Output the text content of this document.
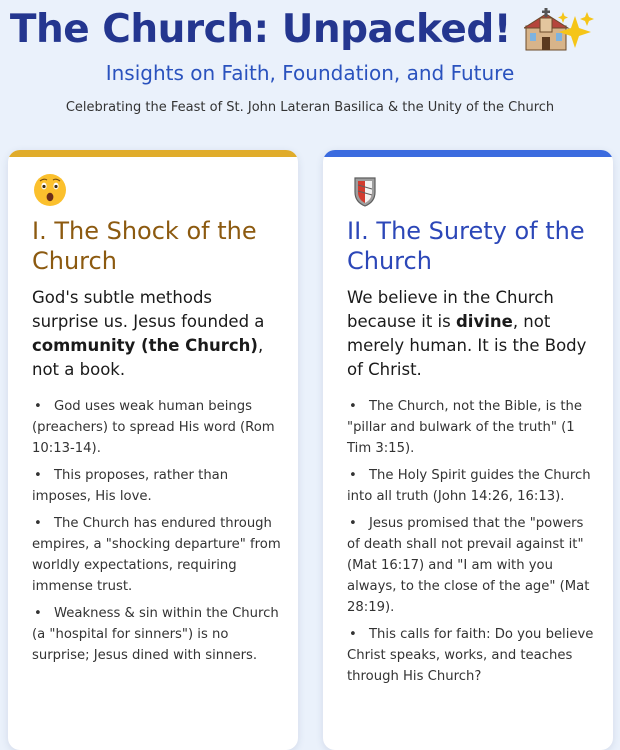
The Church: Unpacked!
Insights on Faith, Foundation, and Future
Celebrating the Feast of St. John Lateran Basilica & the Unity of the Church
I. The Shock of the Church
God's subtle methods surprise us. Jesus founded a community (the Church), not a book.
• God uses weak human beings (preachers) to spread His word (Rom 10:13-14).
• This proposes, rather than imposes, His love.
• The Church has endured through empires, a "shocking departure" from worldly expectations, requiring immense trust.
• Weakness & sin within the Church (a "hospital for sinners") is no surprise; Jesus dined with sinners.
II. The Surety of the Church
We believe in the Church because it is divine, not merely human. It is the Body of Christ.
• The Church, not the Bible, is the "pillar and bulwark of the truth" (1 Tim 3:15).
• The Holy Spirit guides the Church into all truth (John 14:26, 16:13).
• Jesus promised that the "powers of death shall not prevail against it" (Mat 16:17) and "I am with you always, to the close of the age" (Mat 28:19).
• This calls for faith: Do you believe Christ speaks, works, and teaches through His Church?
